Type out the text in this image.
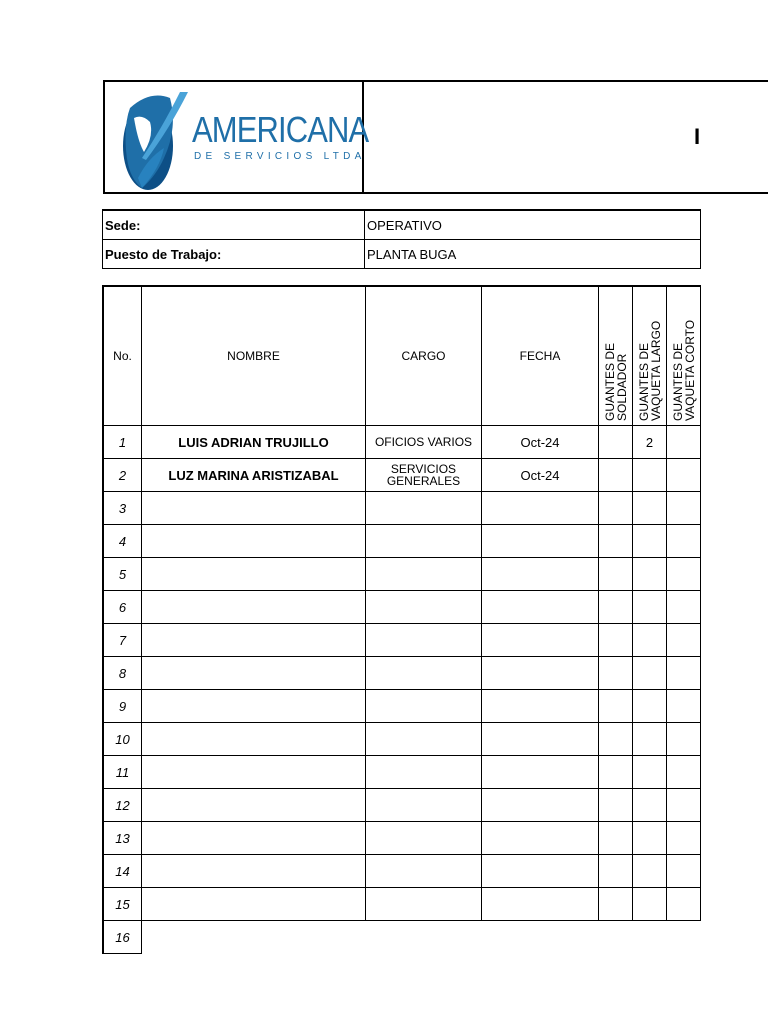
I
AMERICANA
DE SERVICIOS LTDA
Sede:	OPERATIVO
Puesto de Trabajo:	PLANTA BUGA
No.	NOMBRE	CARGO	FECHA	GUANTES DE SOLDADOR	GUANTES DE VAQUETA LARGO	GUANTES DE VAQUETA CORTO
1	LUIS ADRIAN TRUJILLO	OFICIOS VARIOS	Oct-24		2	
2	LUZ MARINA ARISTIZABAL	SERVICIOS GENERALES	Oct-24			
3						
4						
5						
6						
7						
8						
9						
10						
11						
12						
13						
14						
15						
16						
